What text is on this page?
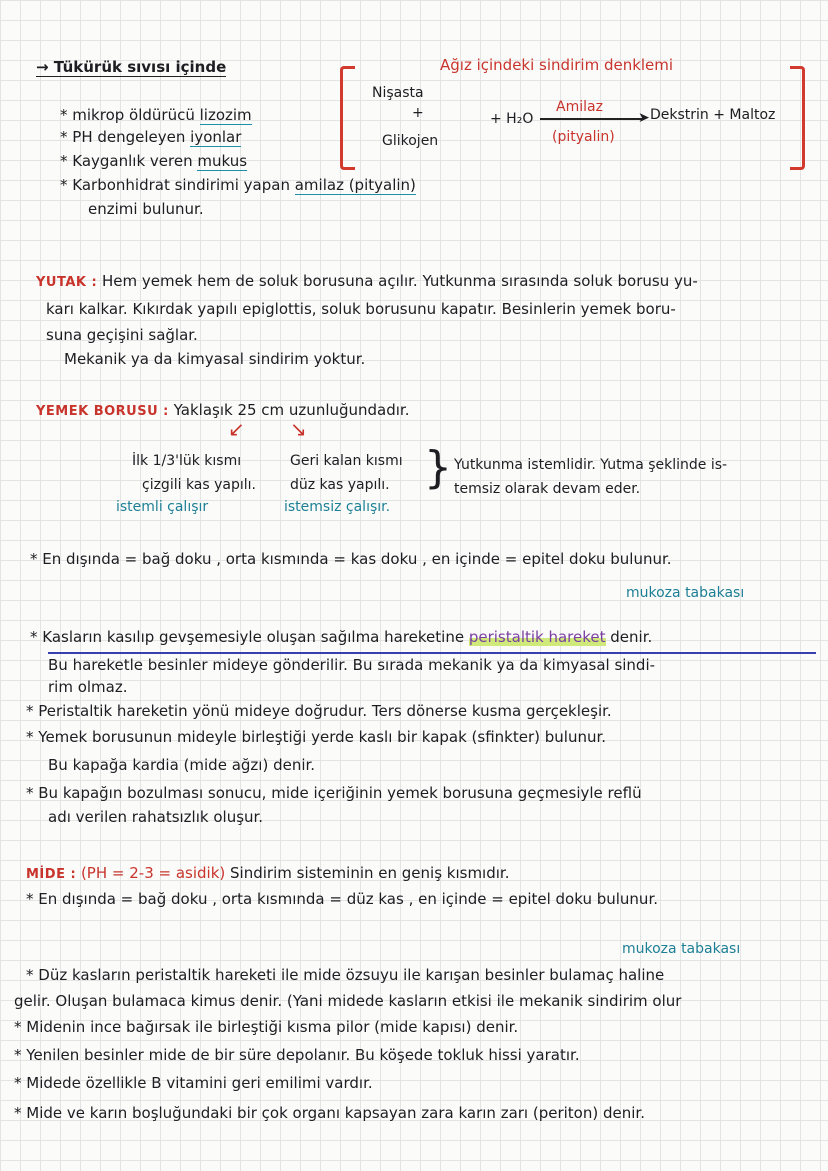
→ Tükürük sıvısı içinde
* mikrop öldürücü lizozim
* PH dengeleyen iyonlar
* Kayganlık veren mukus
* Karbonhidrat sindirimi yapan amilaz (pityalin)
enzimi bulunur.
Ağız içindeki sindirim denklemi
Nişasta
+
Glikojen
+ H₂O
Amilaz
➤
(pityalin)
Dekstrin + Maltoz
YUTAK : Hem yemek hem de soluk borusuna açılır. Yutkunma sırasında soluk borusu yu-
karı kalkar. Kıkırdak yapılı epiglottis, soluk borusunu kapatır. Besinlerin yemek boru-
suna geçişini sağlar.
Mekanik ya da kimyasal sindirim yoktur.
YEMEK BORUSU : Yaklaşık 25 cm uzunluğundadır.
↙ ↘
İlk 1/3'lük kısmı
çizgili kas yapılı.
istemli çalışır
Geri kalan kısmı
düz kas yapılı.
istemsiz çalışır.
} Yutkunma istemlidir. Yutma şeklinde is-
temsiz olarak devam eder.
* En dışında = bağ doku , orta kısmında = kas doku , en içinde = epitel doku bulunur.
mukoza tabakası
* Kasların kasılıp gevşemesiyle oluşan sağılma hareketine peristaltik hareket denir.
Bu hareketle besinler mideye gönderilir. Bu sırada mekanik ya da kimyasal sindi-
rim olmaz.
* Peristaltik hareketin yönü mideye doğrudur. Ters dönerse kusma gerçekleşir.
* Yemek borusunun mideyle birleştiği yerde kaslı bir kapak (sfinkter) bulunur.
Bu kapağa kardia (mide ağzı) denir.
* Bu kapağın bozulması sonucu, mide içeriğinin yemek borusuna geçmesiyle reflü
adı verilen rahatsızlık oluşur.
MİDE : (PH = 2-3 = asidik) Sindirim sisteminin en geniş kısmıdır.
* En dışında = bağ doku , orta kısmında = düz kas , en içinde = epitel doku bulunur.
mukoza tabakası
* Düz kasların peristaltik hareketi ile mide özsuyu ile karışan besinler bulamaç haline
gelir. Oluşan bulamaca kimus denir. (Yani midede kasların etkisi ile mekanik sindirim olur
* Midenin ince bağırsak ile birleştiği kısma pilor (mide kapısı) denir.
* Yenilen besinler mide de bir süre depolanır. Bu köşede tokluk hissi yaratır.
* Midede özellikle B vitamini geri emilimi vardır.
* Mide ve karın boşluğundaki bir çok organı kapsayan zara karın zarı (periton) denir.
